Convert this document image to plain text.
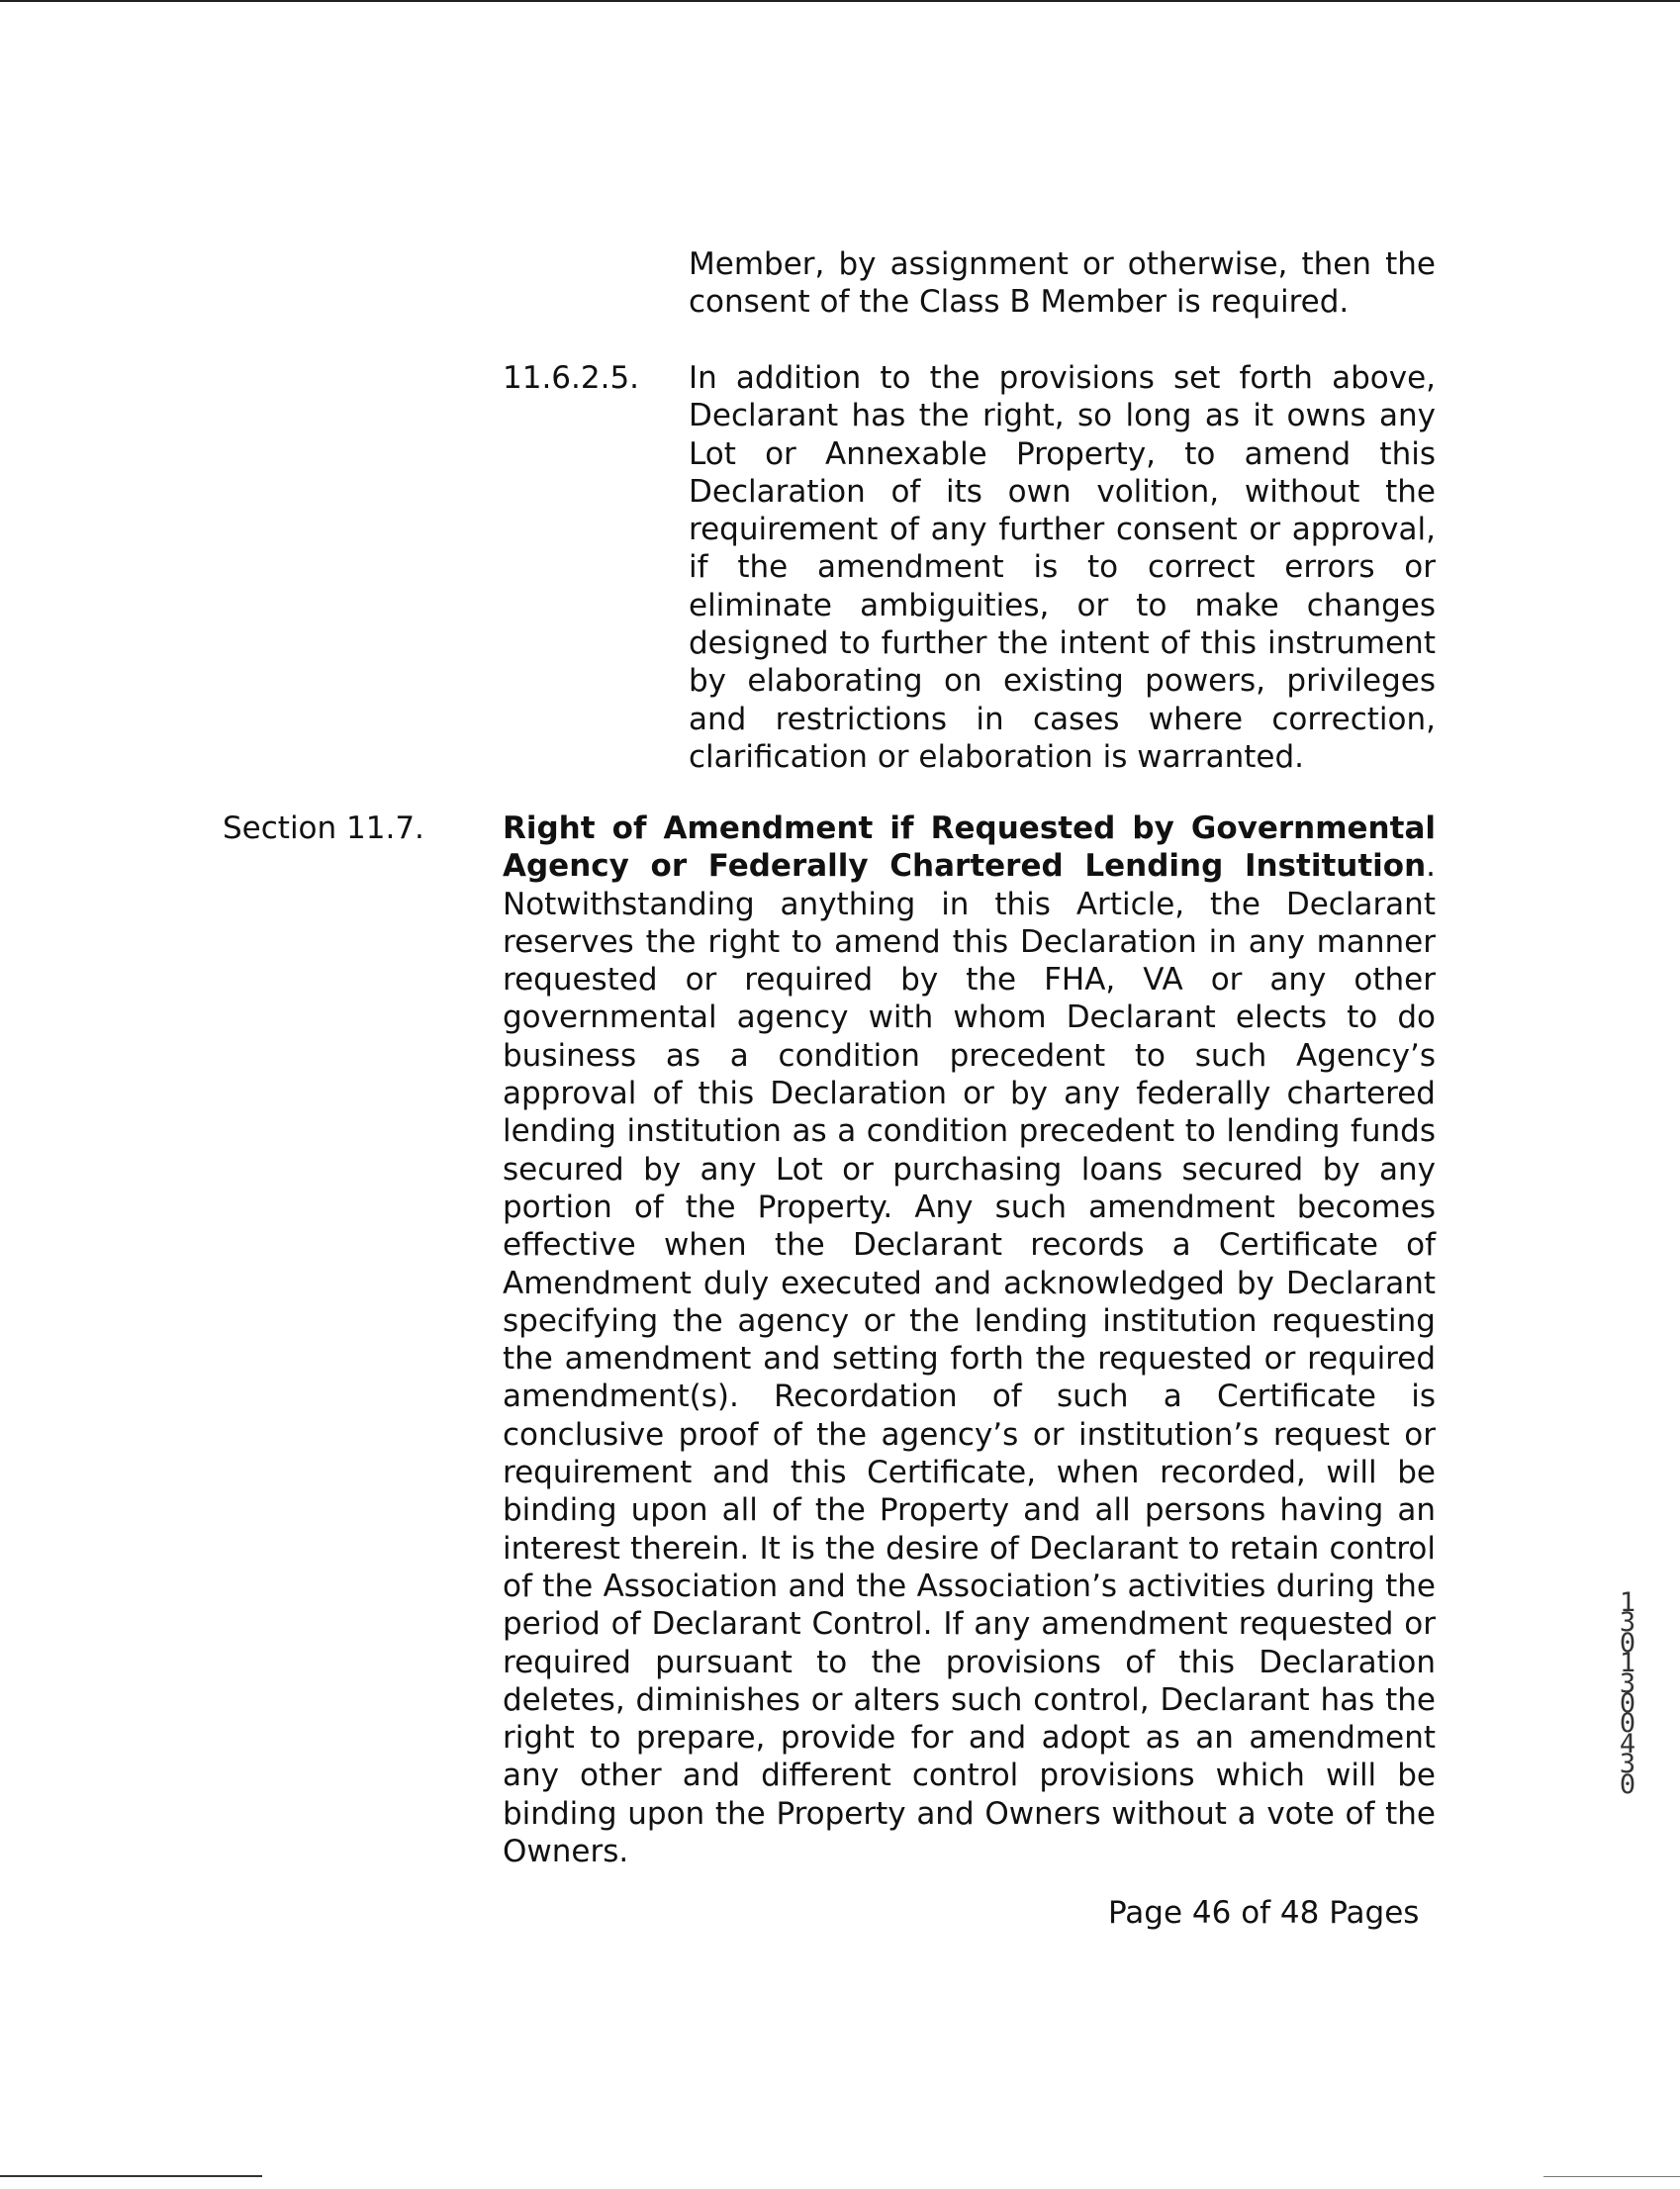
Member, by assignment or otherwise, then the consent of the Class B Member is required.

11.6.2.5. In addition to the provisions set forth above, Declarant has the right, so long as it owns any Lot or Annexable Property, to amend this Declaration of its own volition, without the requirement of any further consent or approval, if the amendment is to correct errors or eliminate ambiguities, or to make changes designed to further the intent of this instrument by elaborating on existing powers, privileges and restrictions in cases where correction, clarification or elaboration is warranted.

Section 11.7.	Right of Amendment if Requested by Governmental Agency or Federally Chartered Lending Institution. Notwithstanding anything in this Article, the Declarant reserves the right to amend this Declaration in any manner requested or required by the FHA, VA or any other governmental agency with whom Declarant elects to do business as a condition precedent to such Agency’s approval of this Declaration or by any federally chartered lending institution as a condition precedent to lending funds secured by any Lot or purchasing loans secured by any portion of the Property. Any such amendment becomes effective when the Declarant records a Certificate of Amendment duly executed and acknowledged by Declarant specifying the agency or the lending institution requesting the amendment and setting forth the requested or required amendment(s). Recordation of such a Certificate is conclusive proof of the agency’s or institution’s request or requirement and this Certificate, when recorded, will be binding upon all of the Property and all persons having an interest therein. It is the desire of Declarant to retain control of the Association and the Association’s activities during the period of Declarant Control. If any amendment requested or required pursuant to the provisions of this Declaration deletes, diminishes or alters such control, Declarant has the right to prepare, provide for and adopt as an amendment any other and different control provisions which will be binding upon the Property and Owners without a vote of the Owners.

Page 46 of 48 Pages

13013 00430
